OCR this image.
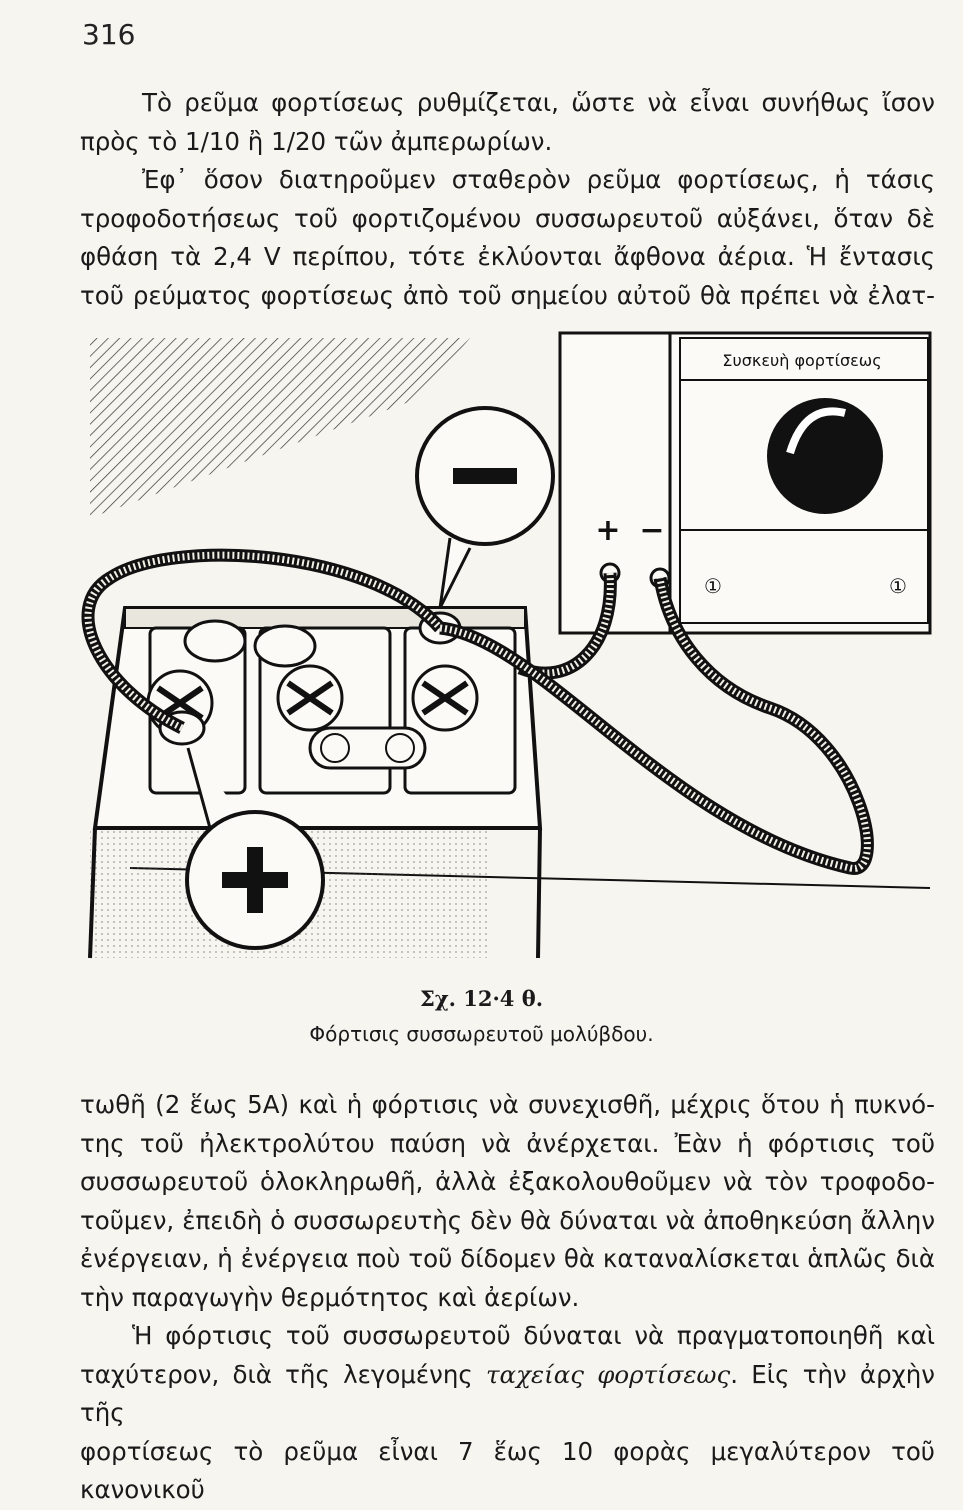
316
Τὸ ρεῦμα φορτίσεως ρυθμίζεται, ὥστε νὰ εἶναι συνήθως ἴσον
πρὸς τὸ 1/10 ἢ 1/20 τῶν ἀμπερωρίων.
Ἐφ᾽ ὅσον διατηροῦμεν σταθερὸν ρεῦμα φορτίσεως, ἡ τάσις
τροφοδοτήσεως τοῦ φορτιζομένου συσσωρευτοῦ αὐξάνει, ὅταν δὲ
φθάση τὰ 2,4 V περίπου, τότε ἐκλύονται ἄφθονα ἀέρια. Ἡ ἔντασις
τοῦ ρεύματος φορτίσεως ἀπὸ τοῦ σημείου αὐτοῦ θὰ πρέπει νὰ ἐλατ-
Συσκευὴ φορτίσεως
①	①
+ −
Σχ. 12·4 θ.
Φόρτισις συσσωρευτοῦ μολύβδου.
τωθῆ (2 ἕως 5A) καὶ ἡ φόρτισις νὰ συνεχισθῆ, μέχρις ὅτου ἡ πυκνό-
της τοῦ ἠλεκτρολύτου παύση νὰ ἀνέρχεται. Ἐὰν ἡ φόρτισις τοῦ
συσσωρευτοῦ ὁλοκληρωθῆ, ἀλλὰ ἐξακολουθοῦμεν νὰ τὸν τροφοδο-
τοῦμεν, ἐπειδὴ ὁ συσσωρευτὴς δὲν θὰ δύναται νὰ ἀποθηκεύση ἄλλην
ἐνέργειαν, ἡ ἐνέργεια ποὺ τοῦ δίδομεν θὰ καταναλίσκεται ἁπλῶς διὰ
τὴν παραγωγὴν θερμότητος καὶ ἀερίων.
Ἡ φόρτισις τοῦ συσσωρευτοῦ δύναται νὰ πραγματοποιηθῆ καὶ
ταχύτερον, διὰ τῆς λεγομένης ταχείας φορτίσεως. Εἰς τὴν ἀρχὴν τῆς
φορτίσεως τὸ ρεῦμα εἶναι 7 ἕως 10 φορὰς μεγαλύτερον τοῦ κανονικοῦ
